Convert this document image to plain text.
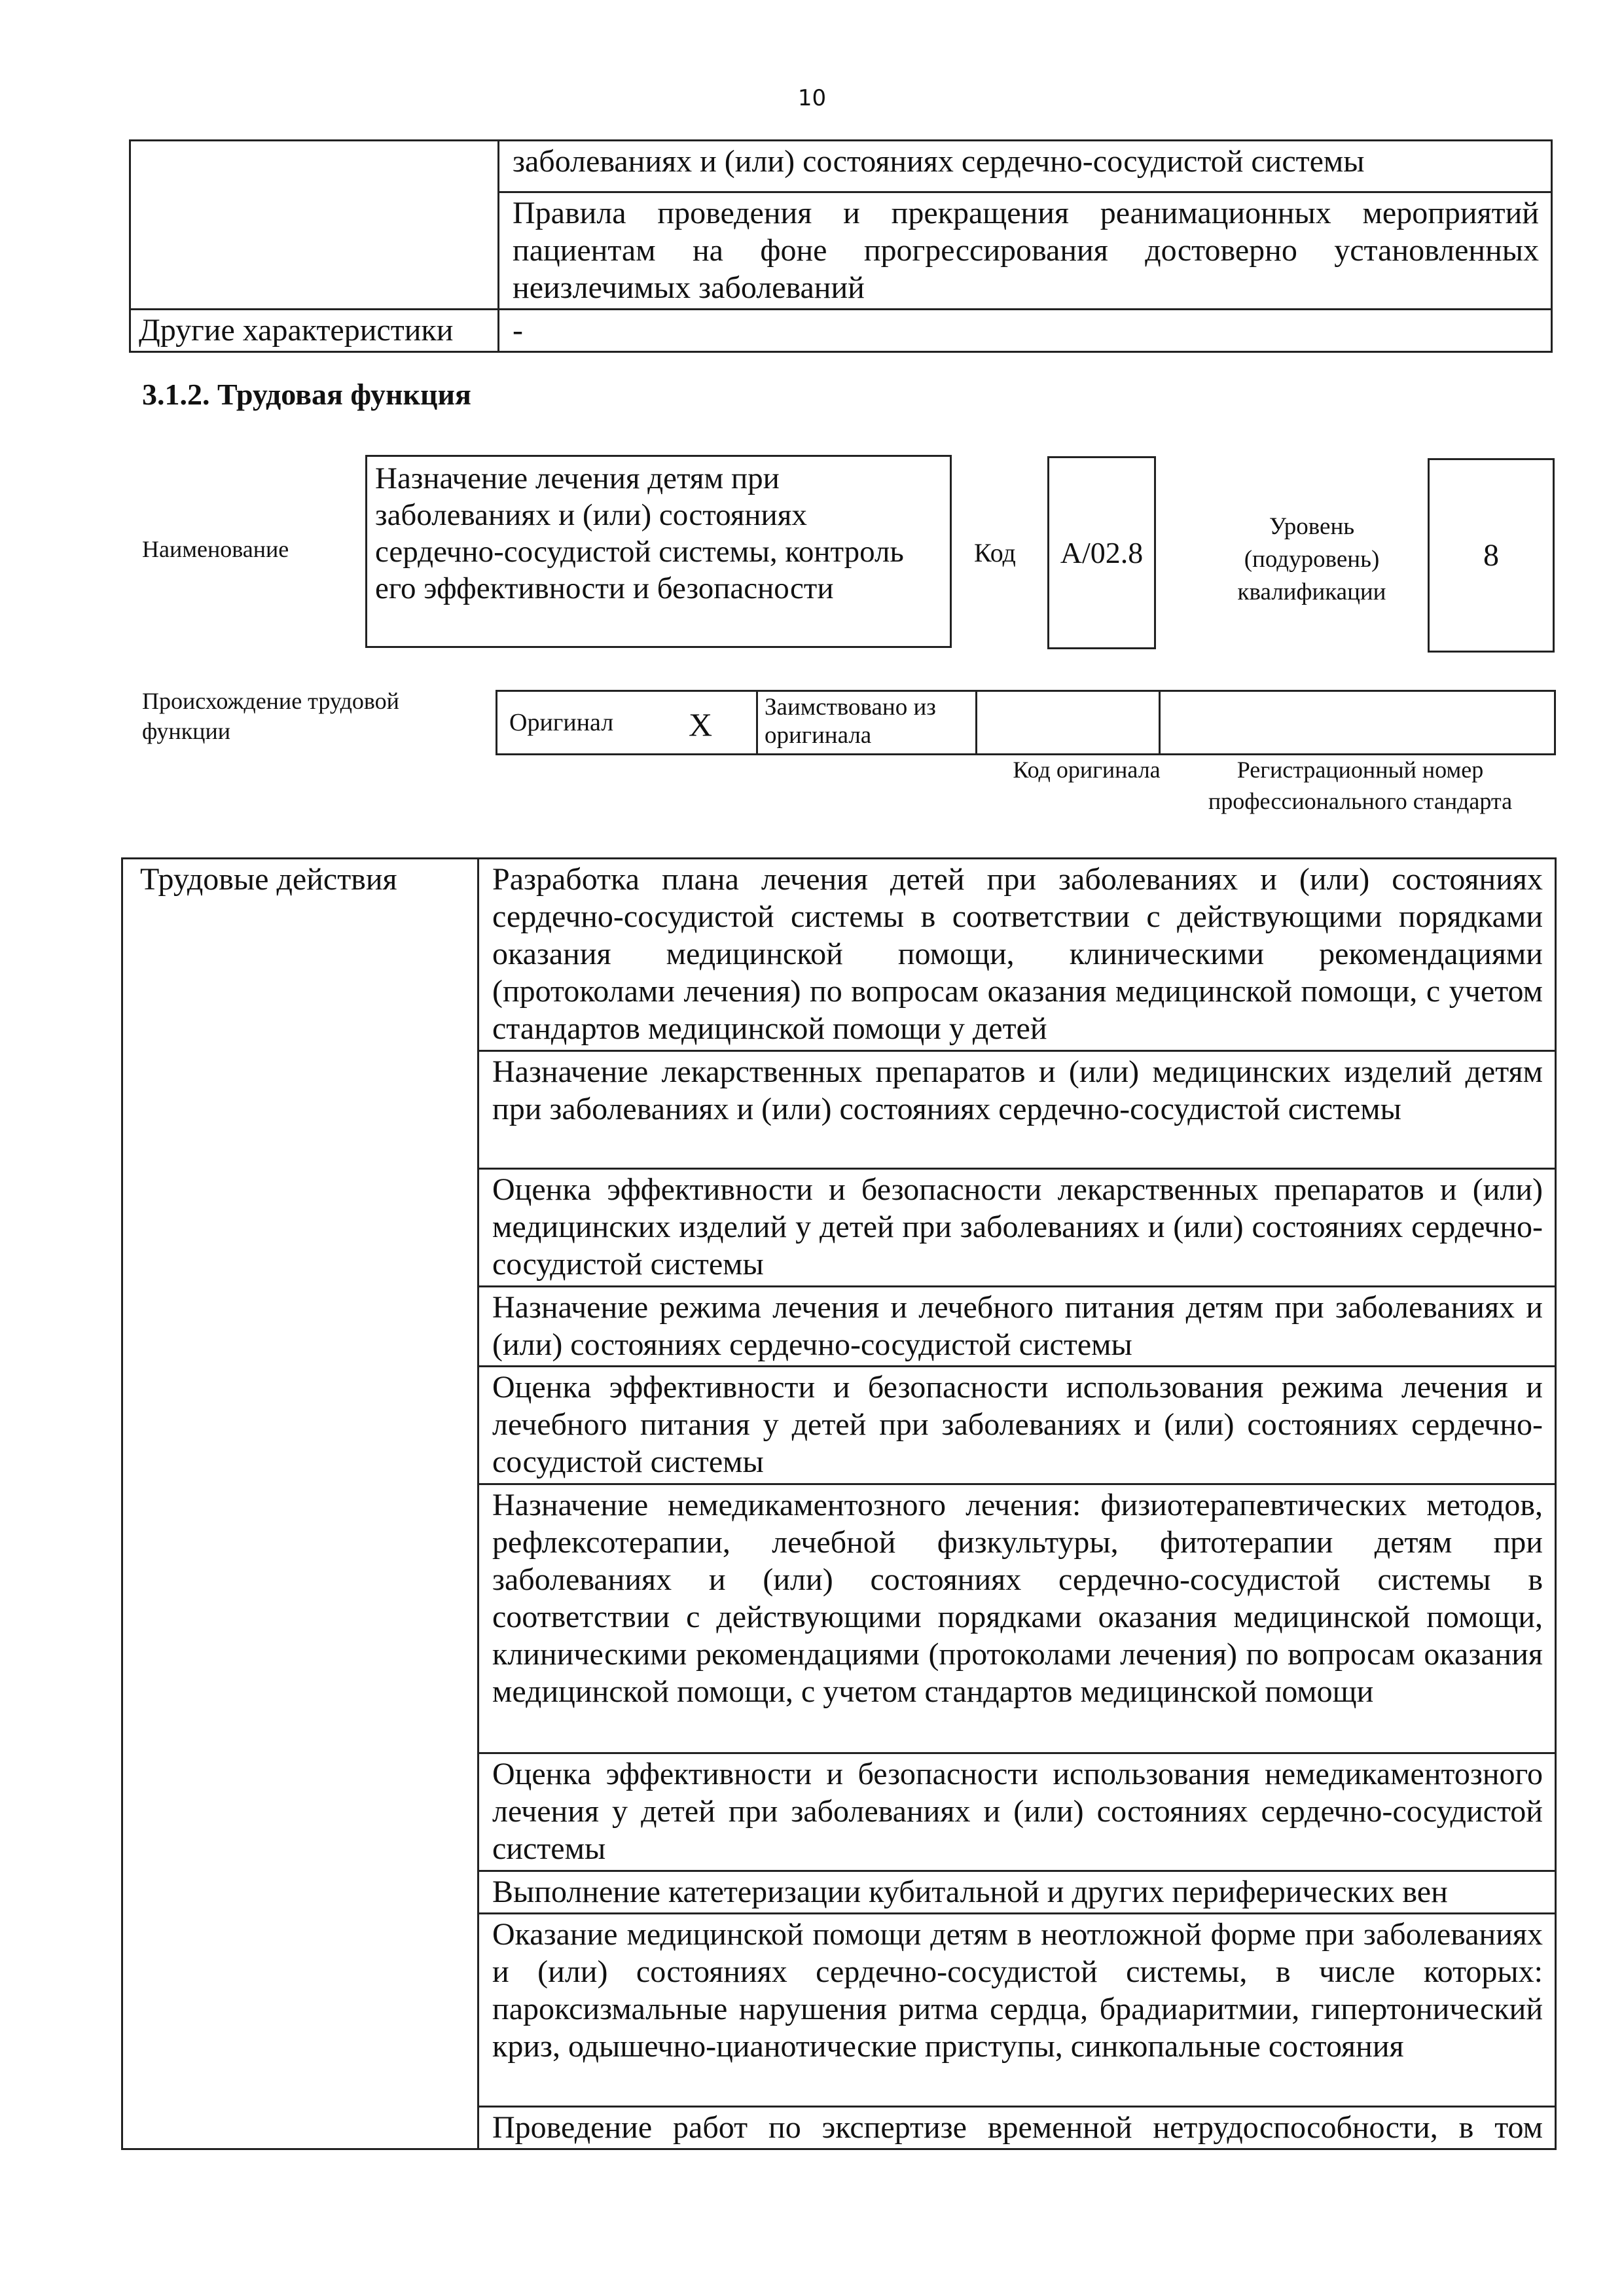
10
	заболеваниях и (или) состояниях сердечно-сосудистой системы
	Правила проведения и прекращения реанимационных мероприятий пациентам на фоне прогрессирования достоверно установленных неизлечимых заболеваний
Другие характеристики	-
3.1.2. Трудовая функция
Наименование
Назначение лечения детям при заболеваниях и (или) состояниях сердечно-сосудистой системы, контроль его эффективности и безопасности
Код A/02.8
Уровень (подуровень) квалификации
8
Происхождение трудовой функции	Оригинал X	Заимствовано из оригинала		
Код оригинала	Регистрационный номер профессионального стандарта
Трудовые действия	Разработка плана лечения детей при заболеваниях и (или) состояниях сердечно-сосудистой системы в соответствии с действующими порядками оказания медицинской помощи, клиническими рекомендациями (протоколами лечения) по вопросам оказания медицинской помощи, с учетом стандартов медицинской помощи у детей
Назначение лекарственных препаратов и (или) медицинских изделий детям при заболеваниях и (или) состояниях сердечно-сосудистой системы
Оценка эффективности и безопасности лекарственных препаратов и (или) медицинских изделий у детей при заболеваниях и (или) состояниях сердечно-сосудистой системы
Назначение режима лечения и лечебного питания детям при заболеваниях и (или) состояниях сердечно-сосудистой системы
Оценка эффективности и безопасности использования режима лечения и лечебного питания у детей при заболеваниях и (или) состояниях сердечно-сосудистой системы
Назначение немедикаментозного лечения: физиотерапевтических методов, рефлексотерапии, лечебной физкультуры, фитотерапии детям при заболеваниях и (или) состояниях сердечно-сосудистой системы в соответствии с действующими порядками оказания медицинской помощи, клиническими рекомендациями (протоколами лечения) по вопросам оказания медицинской помощи, с учетом стандартов медицинской помощи
Оценка эффективности и безопасности использования немедикаментозного лечения у детей при заболеваниях и (или) состояниях сердечно-сосудистой системы
Выполнение катетеризации кубитальной и других периферических вен
Оказание медицинской помощи детям в неотложной форме при заболеваниях и (или) состояниях сердечно-сосудистой системы, в числе которых: пароксизмальные нарушения ритма сердца, брадиаритмии, гипертонический криз, одышечно-цианотические приступы, синкопальные состояния
Проведение работ по экспертизе временной нетрудоспособности, в том
